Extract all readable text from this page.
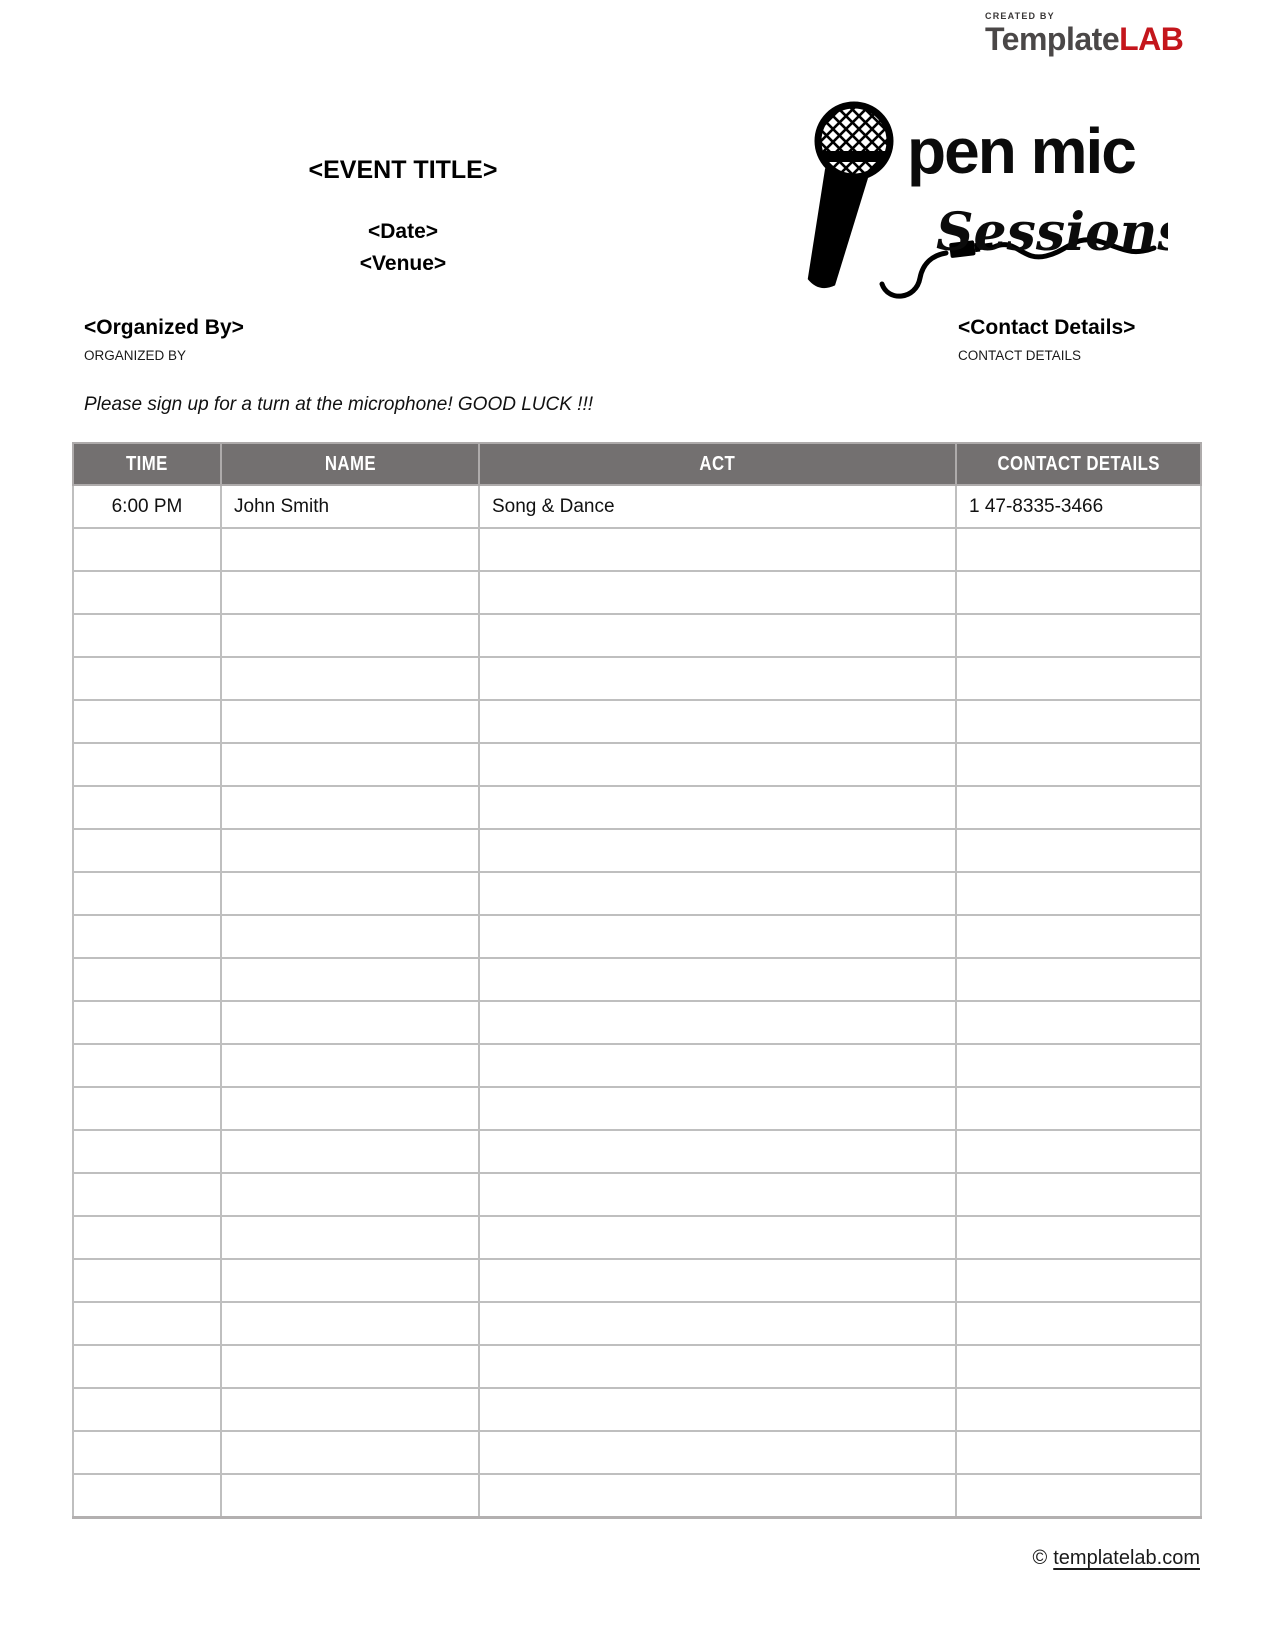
CREATED BY
TemplateLAB
<EVENT TITLE>
<Date>
<Venue>
pen mic
Sessions
<Organized By>
ORGANIZED BY
<Contact Details>
CONTACT DETAILS
Please sign up for a turn at the microphone! GOOD LUCK !!!
TIME	NAME	ACT	CONTACT DETAILS
6:00 PM	John Smith	Song & Dance	1 47-8335-3466

© templatelab.com
